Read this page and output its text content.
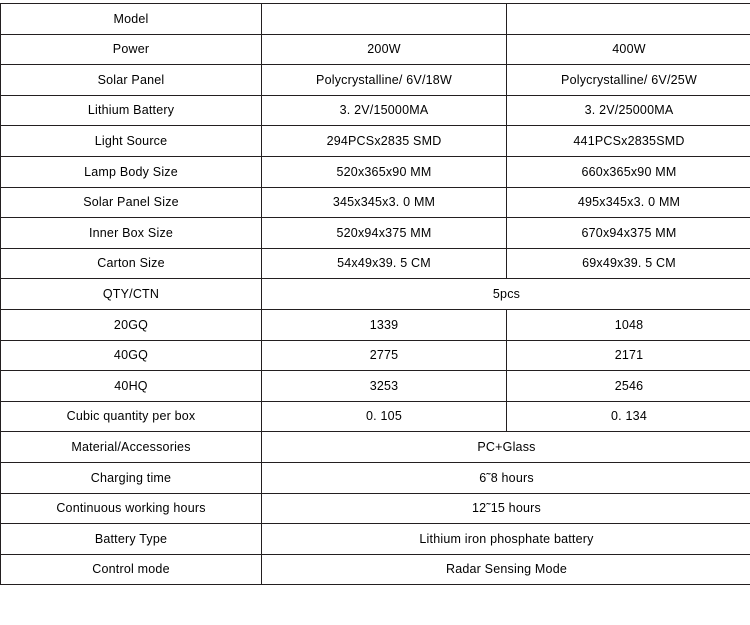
Model		

Power	200W	400W

Solar Panel	Polycrystalline/ 6V/18W	Polycrystalline/ 6V/25W

Lithium Battery	3. 2V/15000MA	3. 2V/25000MA

Light Source	294PCSx2835 SMD	441PCSx2835SMD

Lamp Body Size	520x365x90 MM	660x365x90 MM

Solar Panel Size	345x345x3. 0 MM	495x345x3. 0 MM

Inner Box Size	520x94x375 MM	670x94x375 MM

Carton Size	54x49x39. 5 CM	69x49x39. 5 CM

QTY/CTN	5pcs	

20GQ	1339	1048

40GQ	2775	2171

40HQ	3253	2546

Cubic quantity per box	0. 105	0. 134

Material/Accessories	PC+Glass	

Charging time	6˜8 hours	

Continuous working hours	12˜15 hours	

Battery Type	Lithium iron phosphate battery	

Control mode	Radar Sensing Mode	
